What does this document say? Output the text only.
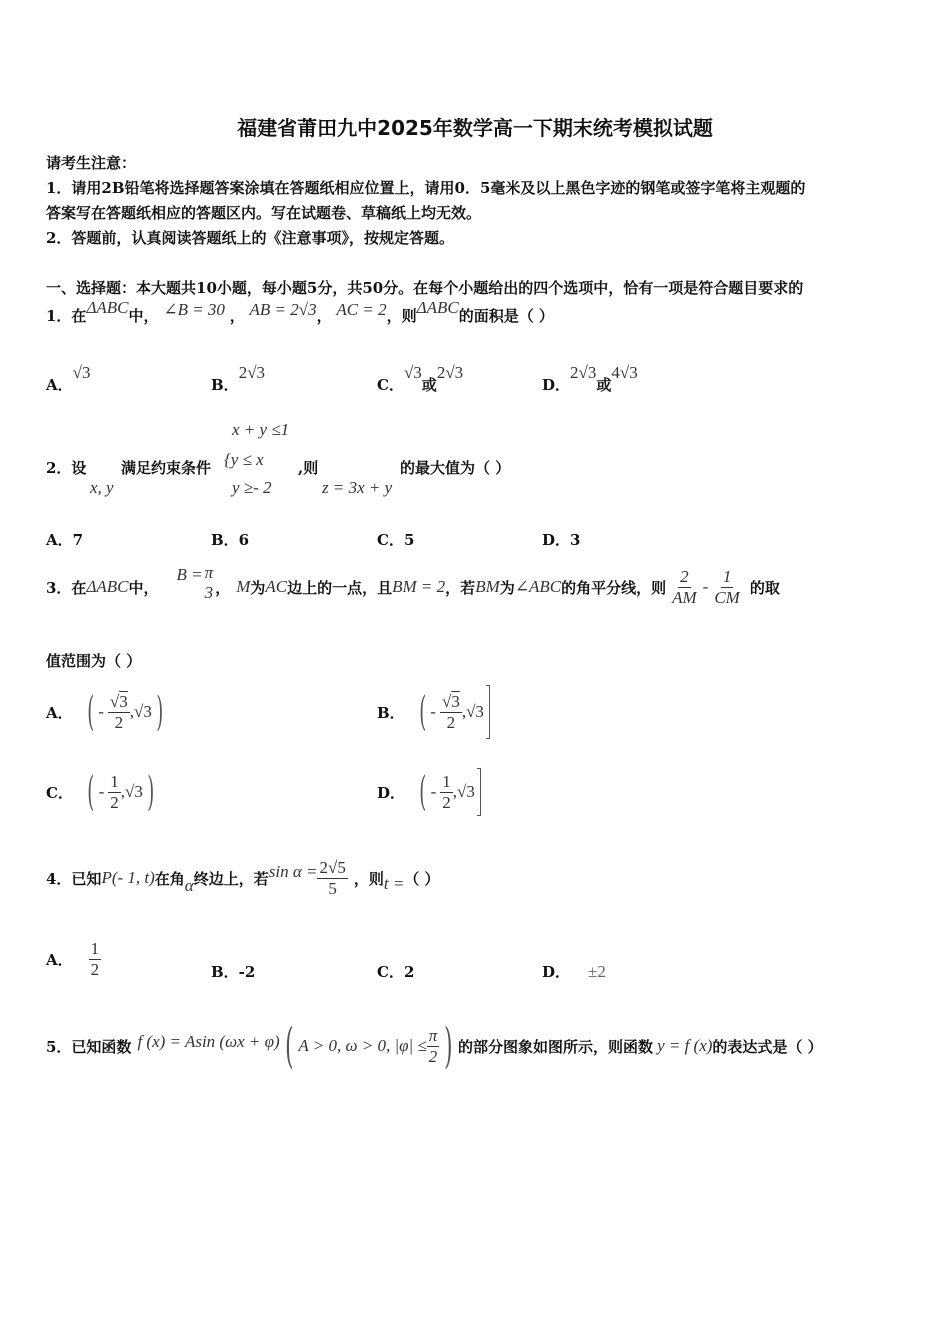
福建省莆田九中2025年数学高一下期末统考模拟试题
请考生注意：
1．请用2B铅笔将选择题答案涂填在答题纸相应位置上，请用0．5毫米及以上黑色字迹的钢笔或签字笔将主观题的
答案写在答题纸相应的答题区内。写在试题卷、草稿纸上均无效。
2．答题前，认真阅读答题纸上的《注意事项》，按规定答题。
一、选择题：本大题共10小题，每小题5分，共50分。在每个小题给出的四个选项中，恰有一项是符合题目要求的
1．在ΔABC中， ∠B = 30 ， AB = 2√3， AC = 2，则ΔABC的面积是（ ）
A．√3
B．2√3
C．√3或2√3
D．2√3或4√3
x + y ≤1
{y ≤ x
y ≥- 2
2．设
x, y
满足约束条件	,则
z = 3x + y
的最大值为（ ）
A．7	B．6	C．5	D．3
3．在 ΔABC 中，
B = π
3 ， M 为 AC 边上的一点，且 BM = 2 ，若 BM 为 ∠ABC 的角平分线，则 $\frac{2}{AM} - \frac{1}{CM}$ 的取
值范围为（ ）
A． ( - $\frac{√3}{2}$ , √3 )	B． ( - $\frac{√3}{2}$ , √3
C． ( - $\frac{1}{2}$ , √3 )	D． ( - $\frac{1}{2}$ , √3
4．已知 P(- 1, t) 在角 α 终边上，若 $\sin \alpha = \frac{2√5}{5}$ ，则 t = （ ）
A． $\frac{1}{2}$	B．-2	C．2	D． ±2
5．已知函数 f (x) = Asin (ωx + φ) ( A > 0, ω > 0, $|\varphi| \le \frac{\pi}{2}$ ) 的部分图象如图所示，则函数 y = f (x) 的表达式是（ ）
